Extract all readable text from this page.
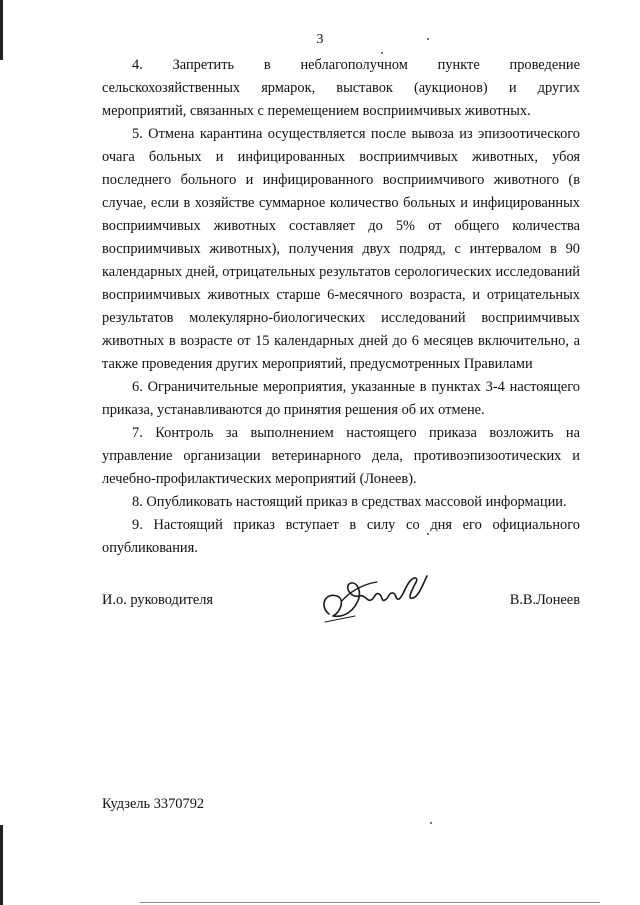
3

4. Запретить в неблагополучном пункте проведение сельскохозяйственных ярмарок, выставок (аукционов) и других мероприятий, связанных с перемещением восприимчивых животных.

5. Отмена карантина осуществляется после вывоза из эпизоотического очага больных и инфицированных восприимчивых животных, убоя последнего больного и инфицированного восприимчивого животного (в случае, если в хозяйстве суммарное количество больных и инфицированных восприимчивых животных составляет до 5% от общего количества восприимчивых животных), получения двух подряд, с интервалом в 90 календарных дней, отрицательных результатов серологических исследований восприимчивых животных старше 6-месячного возраста, и отрицательных результатов молекулярно-биологических исследований восприимчивых животных в возрасте от 15 календарных дней до 6 месяцев включительно, а также проведения других мероприятий, предусмотренных Правилами

6. Ограничительные мероприятия, указанные в пунктах 3-4 настоящего приказа, устанавливаются до принятия решения об их отмене.

7. Контроль за выполнением настоящего приказа возложить на управление организации ветеринарного дела, противоэпизоотических и лечебно-профилактических мероприятий (Лонеев).

8. Опубликовать настоящий приказ в средствах массовой информации.

9. Настоящий приказ вступает в силу со дня его официального опубликования.

И.о. руководителя	В.В.Лонеев
Кудзель 3370792
